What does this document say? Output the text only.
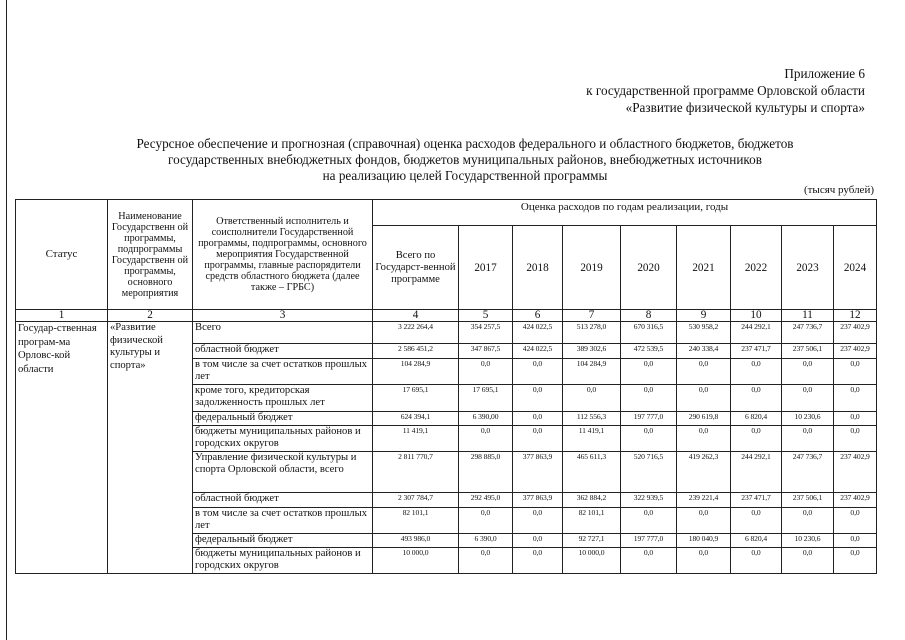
Приложение 6
к государственной программе Орловской области
«Развитие физической культуры и спорта»
Ресурсное обеспечение и прогнозная (справочная) оценка расходов федерального и областного бюджетов, бюджетов
государственных внебюджетных фондов, бюджетов муниципальных районов, внебюджетных источников
на реализацию целей Государственной программы
(тысяч рублей)
Статус	Наименование Государственн ой программы, подпрограммы Государственн ой программы, основного мероприятия	Ответственный исполнитель и соисполнители Государственной программы, подпрограммы, основного мероприятия Государственной программы, главные распорядители средств областного бюджета (далее также – ГРБС)	Оценка расходов по годам реализации, годы								
			Всего по Государст-венной программе	2017	2018	2019	2020	2021	2022	2023	2024
1	2	3	4	5	6	7	8	9	10	11	12
Государ-ственная програм-ма Орловс-кой области	«Развитие физической культуры и спорта»	Всего	3 222 264,4	354 257,5	424 022,5	513 278,0	670 316,5	530 958,2	244 292,1	247 736,7	237 402,9
		областной бюджет	2 586 451,2	347 867,5	424 022,5	389 302,6	472 539,5	240 338,4	237 471,7	237 506,1	237 402,9
		в том числе за счет остатков прошлых лет	104 284,9	0,0	0,0	104 284,9	0,0	0,0	0,0	0,0	0,0
		кроме того, кредиторская задолженность прошлых лет	17 695,1	17 695,1	0,0	0,0	0,0	0,0	0,0	0,0	0,0
		федеральный бюджет	624 394,1	6 390,00	0,0	112 556,3	197 777,0	290 619,8	6 820,4	10 230,6	0,0
		бюджеты муниципальных районов и городских округов	11 419,1	0,0	0,0	11 419,1	0,0	0,0	0,0	0,0	0,0
		Управление физической культуры и спорта Орловской области, всего	2 811 770,7	298 885,0	377 863,9	465 611,3	520 716,5	419 262,3	244 292,1	247 736,7	237 402,9
		областной бюджет	2 307 784,7	292 495,0	377 863,9	362 884,2	322 939,5	239 221,4	237 471,7	237 506,1	237 402,9
		в том числе за счет остатков прошлых лет	82 101,1	0,0	0,0	82 101,1	0,0	0,0	0,0	0,0	0,0
		федеральный бюджет	493 986,0	6 390,0	0,0	92 727,1	197 777,0	180 040,9	6 820,4	10 230,6	0,0
		бюджеты муниципальных районов и городских округов	10 000,0	0,0	0,0	10 000,0	0,0	0,0	0,0	0,0	0,0
